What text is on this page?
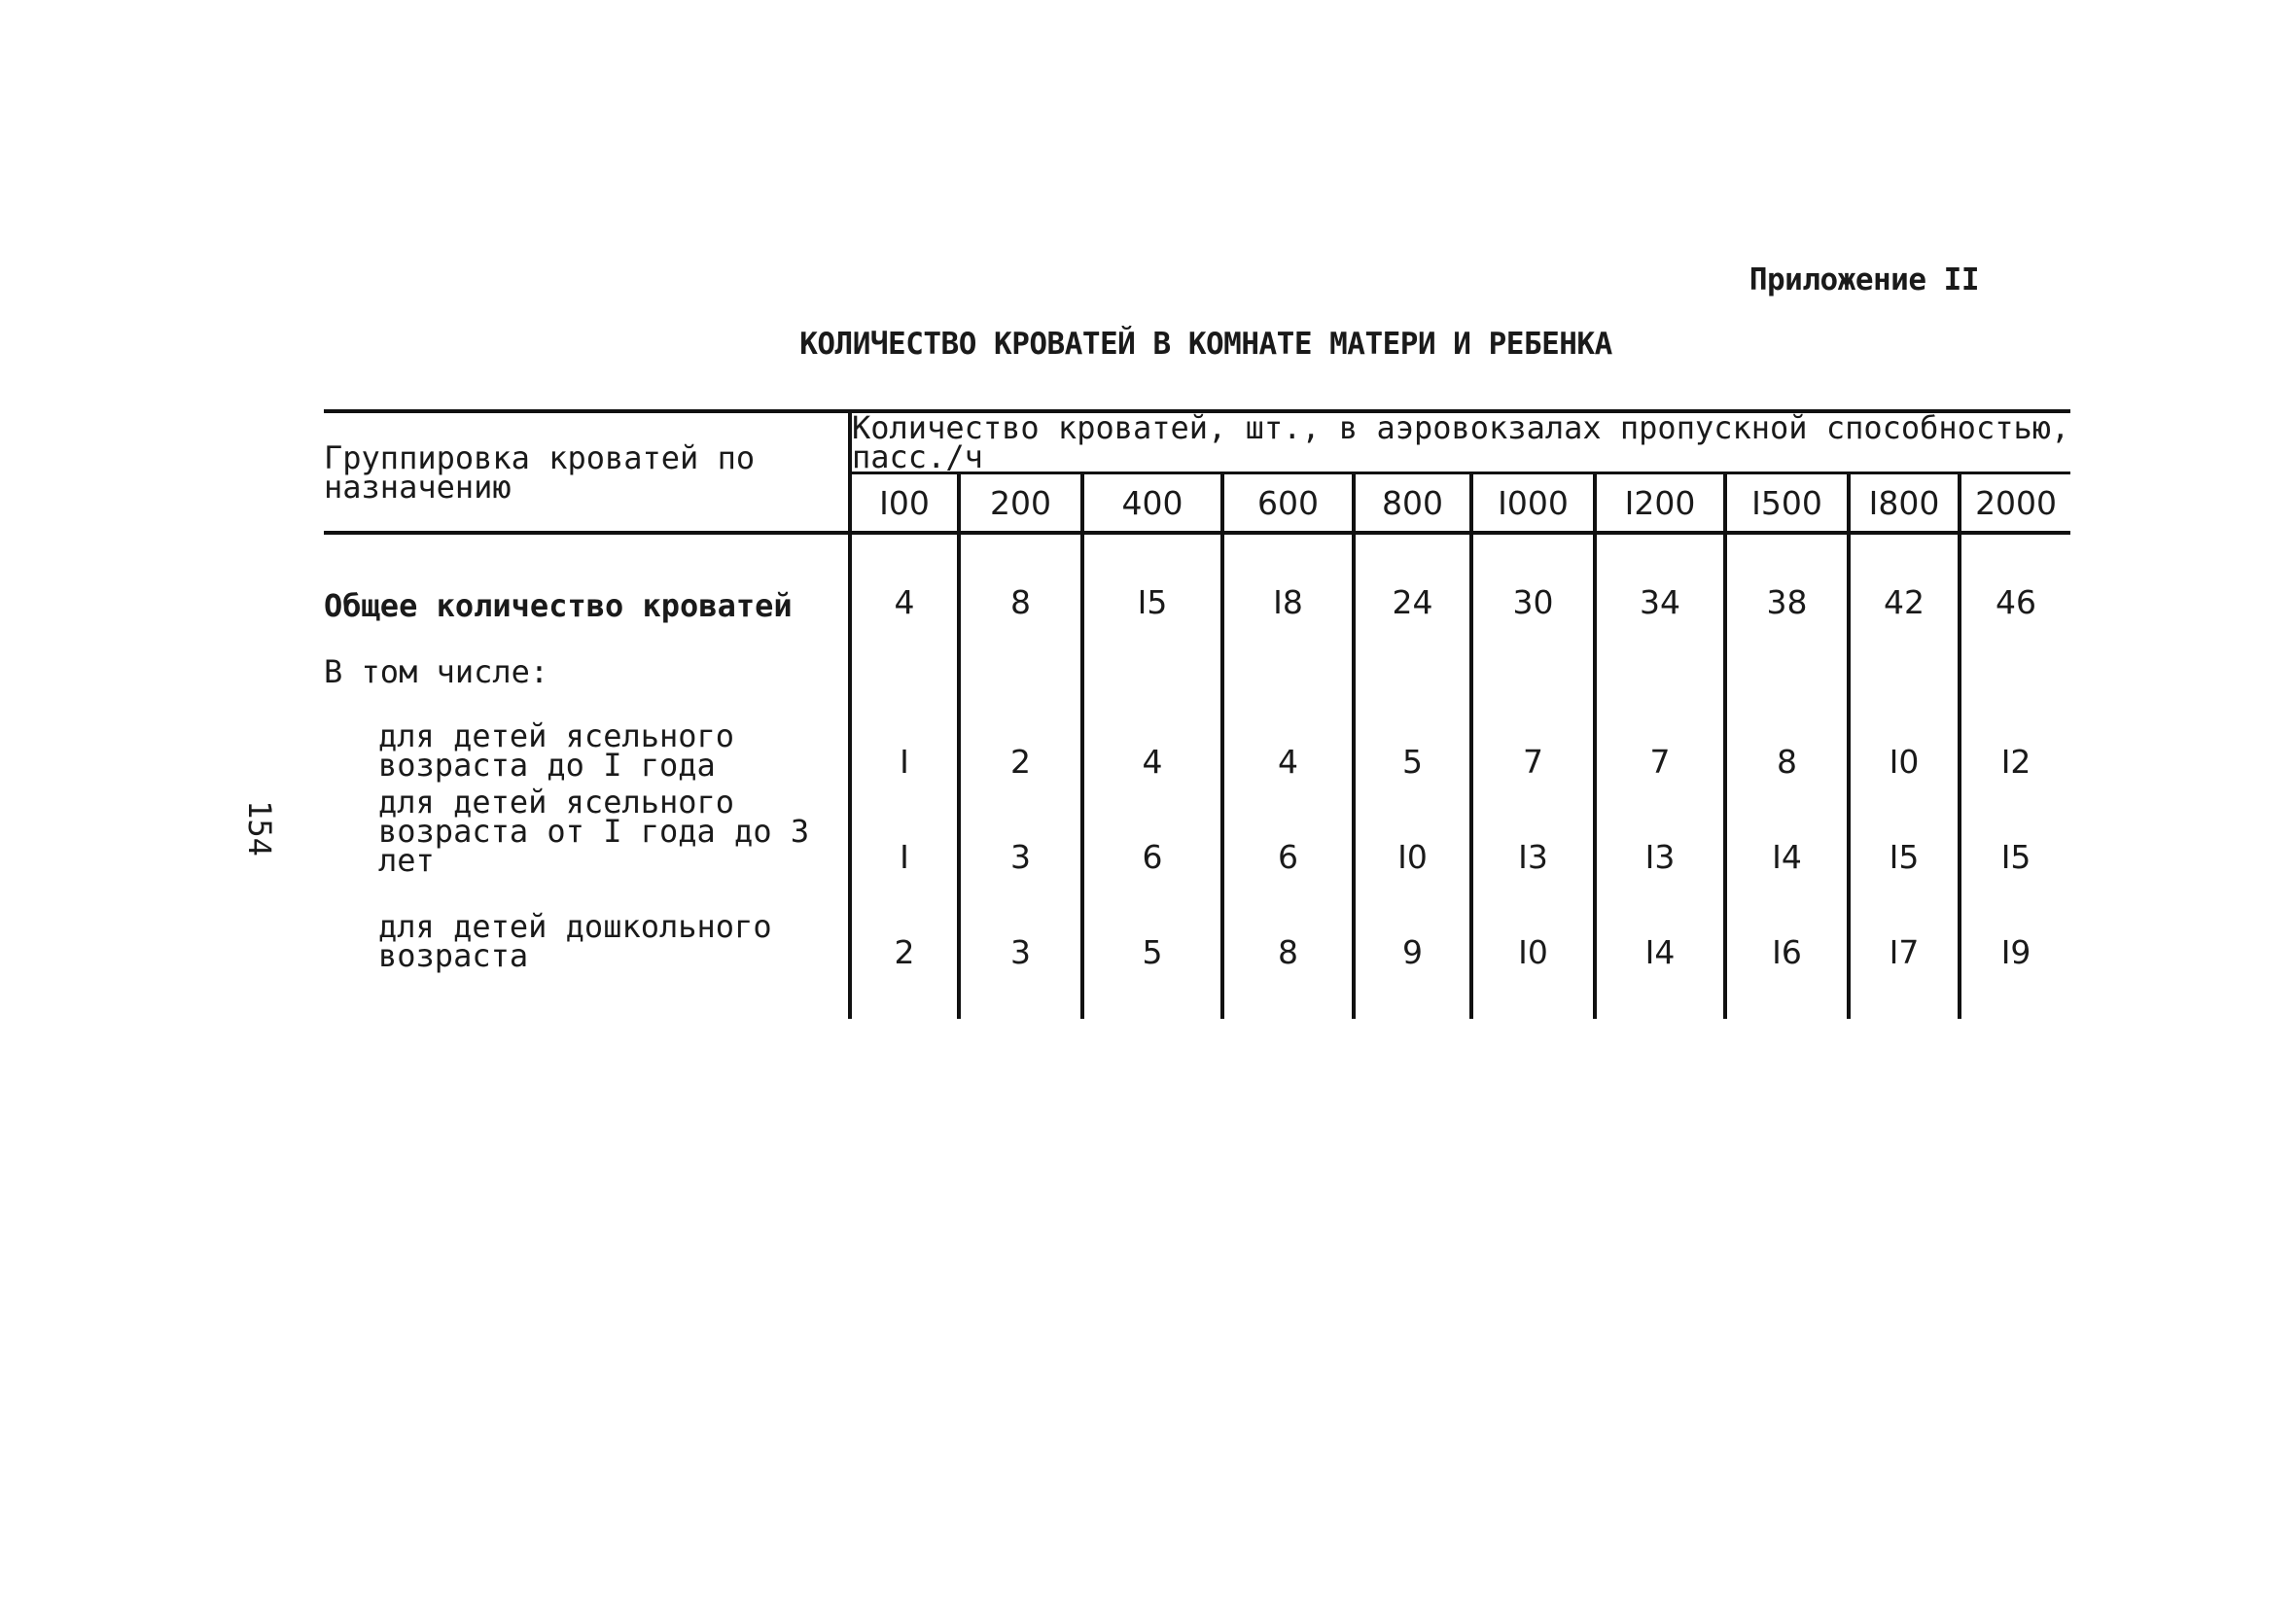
Приложение II
КОЛИЧЕСТВО КРОВАТЕЙ В КОМНАТЕ МАТЕРИ И РЕБЕНКА
154
Группировка кроватей по назначению	Количество кроватей, шт., в аэровокзалах пропускной способностью, пасс./ч									
	I00	200	400	600	800	I000	I200	I500	I800	2000
Общее количество кроватей	4	8	I5	I8	24	30	34	38	42	46
В том числе:										
для детей ясельного возраста до I года	I	2	4	4	5	7	7	8	I0	I2
для детей ясельного возраста от I года до 3 лет	I	3	6	6	I0	I3	I3	I4	I5	I5
для детей дошкольного возраста	2	3	5	8	9	I0	I4	I6	I7	I9
